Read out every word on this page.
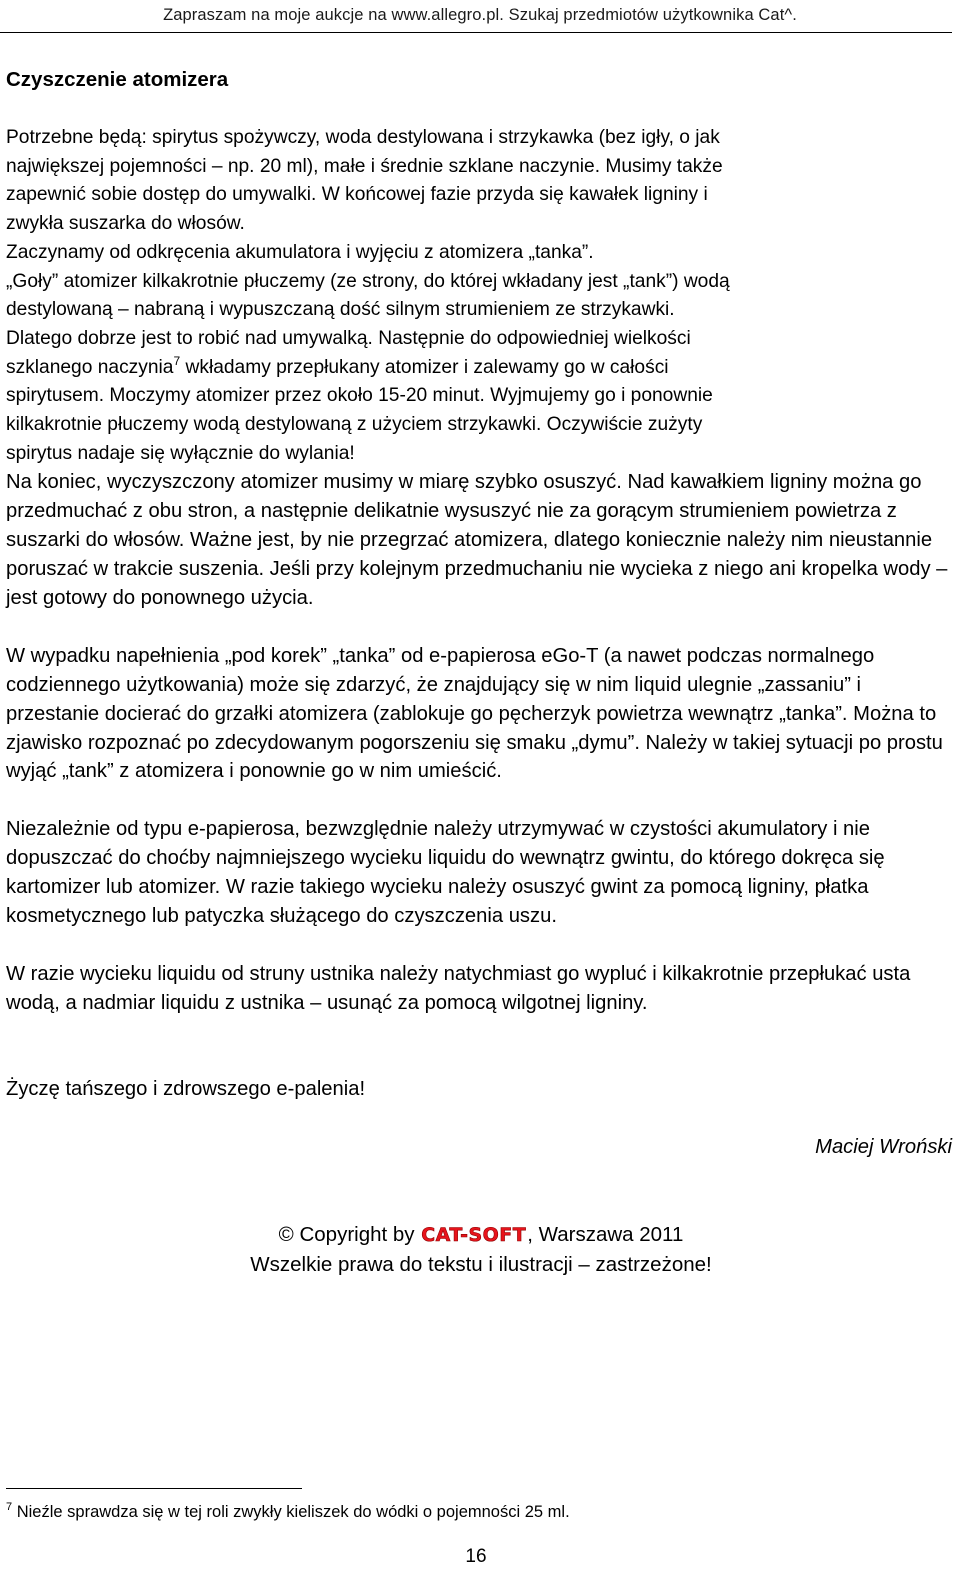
Zapraszam na moje aukcje na www.allegro.pl. Szukaj przedmiotów użytkownika Cat^.
Czyszczenie atomizera
Potrzebne będą: spirytus spożywczy, woda destylowana i strzykawka (bez igły, o jak
największej pojemności – np. 20 ml), małe i średnie szklane naczynie. Musimy także
zapewnić sobie dostęp do umywalki. W końcowej fazie przyda się kawałek ligniny i
zwykła suszarka do włosów.
Zaczynamy od odkręcenia akumulatora i wyjęciu z atomizera „tanka”.
„Goły” atomizer kilkakrotnie płuczemy (ze strony, do której wkładany jest „tank”) wodą
destylowaną – nabraną i wypuszczaną dość silnym strumieniem ze strzykawki.
Dlatego dobrze jest to robić nad umywalką. Następnie do odpowiedniej wielkości
szklanego naczynia$^7$ wkładamy przepłukany atomizer i zalewamy go w całości
spirytusem. Moczymy atomizer przez około 15-20 minut. Wyjmujemy go i ponownie
kilkakrotnie płuczemy wodą destylowaną z użyciem strzykawki. Oczywiście zużyty
spirytus nadaje się wyłącznie do wylania!

Na koniec, wyczyszczony atomizer musimy w miarę szybko osuszyć. Nad kawałkiem ligniny można go przedmuchać z obu stron, a następnie delikatnie wysuszyć nie za gorącym strumieniem powietrza z suszarki do włosów. Ważne jest, by nie przegrzać atomizera, dlatego koniecznie należy nim nieustannie poruszać w trakcie suszenia. Jeśli przy kolejnym przedmuchaniu nie wycieka z niego ani kropelka wody – jest gotowy do ponownego użycia.

W wypadku napełnienia „pod korek” „tanka” od e-papierosa eGo-T (a nawet podczas normalnego codziennego użytkowania) może się zdarzyć, że znajdujący się w nim liquid ulegnie „zassaniu” i przestanie docierać do grzałki atomizera (zablokuje go pęcherzyk powietrza wewnątrz „tanka”. Można to zjawisko rozpoznać po zdecydowanym pogorszeniu się smaku „dymu”. Należy w takiej sytuacji po prostu wyjąć „tank” z atomizera i ponownie go w nim umieścić.

Niezależnie od typu e-papierosa, bezwzględnie należy utrzymywać w czystości akumulatory i nie dopuszczać do choćby najmniejszego wycieku liquidu do wewnątrz gwintu, do którego dokręca się kartomizer lub atomizer. W razie takiego wycieku należy osuszyć gwint za pomocą ligniny, płatka kosmetycznego lub patyczka służącego do czyszczenia uszu.

W razie wycieku liquidu od struny ustnika należy natychmiast go wypluć i kilkakrotnie przepłukać usta wodą, a nadmiar liquidu z ustnika – usunąć za pomocą wilgotnej ligniny.

Życzę tańszego i zdrowszego e-palenia!

Maciej Wroński

© Copyright by CAT-SOFT, Warszawa 2011
Wszelkie prawa do tekstu i ilustracji – zastrzeżone!
$^7$ Nieźle sprawdza się w tej roli zwykły kieliszek do wódki o pojemności 25 ml.
16
